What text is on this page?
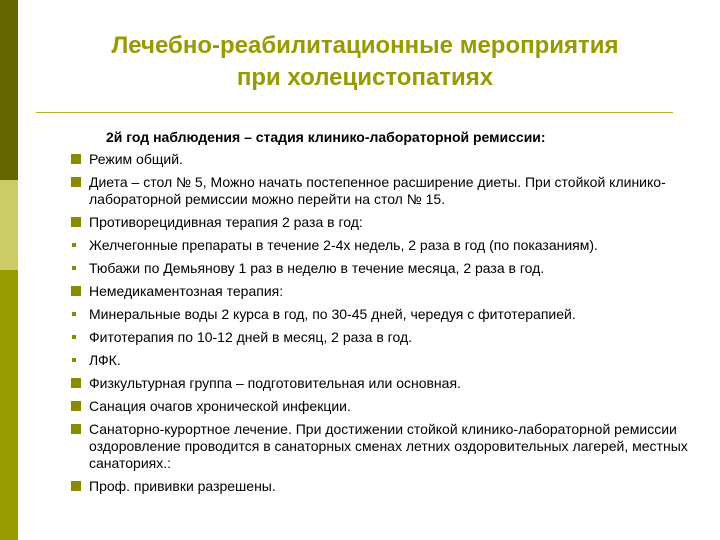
Лечебно-реабилитационные мероприятия
при холецистопатиях

2й год наблюдения – стадия клинико-лабораторной ремиссии:

Режим общий.
Диета – стол № 5, Можно начать постепенное расширение диеты. При стойкой клинико-лабораторной ремиссии можно перейти на стол № 15.
Противорецидивная терапия 2 раза в год:
Желчегонные препараты в течение 2-4х недель, 2 раза в год (по показаниям).
Тюбажи по Демьянову 1 раз в неделю в течение месяца, 2 раза в год.
Немедикаментозная терапия:
Минеральные воды 2 курса в год, по 30-45 дней, чередуя с фитотерапией.
Фитотерапия по 10-12 дней в месяц, 2 раза в год.
ЛФК.
Физкультурная группа – подготовительная или основная.
Санация очагов хронической инфекции.
Санаторно-курортное лечение. При достижении стойкой клинико-лабораторной ремиссии оздоровление проводится в санаторных сменах летних оздоровительных лагерей, местных санаториях.:
Проф. прививки разрешены.
